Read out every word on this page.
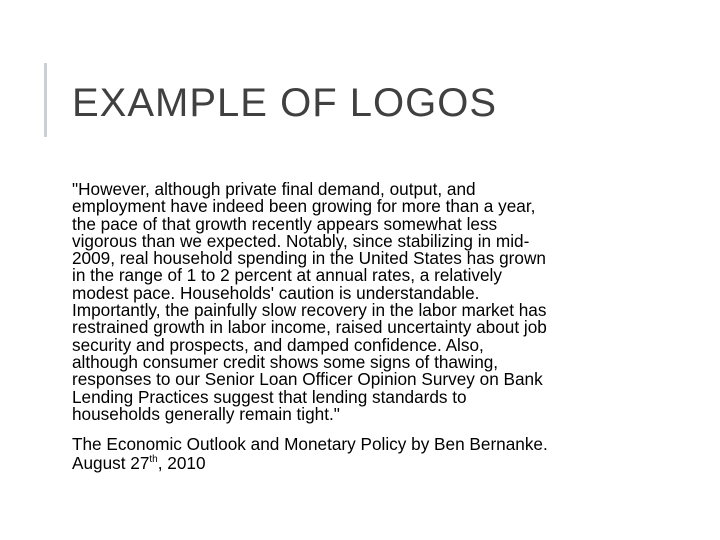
EXAMPLE OF LOGOS

"However, although private final demand, output, and
employment have indeed been growing for more than a year,
the pace of that growth recently appears somewhat less
vigorous than we expected. Notably, since stabilizing in mid-
2009, real household spending in the United States has grown
in the range of 1 to 2 percent at annual rates, a relatively
modest pace. Households' caution is understandable.
Importantly, the painfully slow recovery in the labor market has
restrained growth in labor income, raised uncertainty about job
security and prospects, and damped confidence. Also,
although consumer credit shows some signs of thawing,
responses to our Senior Loan Officer Opinion Survey on Bank
Lending Practices suggest that lending standards to
households generally remain tight."

The Economic Outlook and Monetary Policy by Ben Bernanke.

August 27th, 2010
